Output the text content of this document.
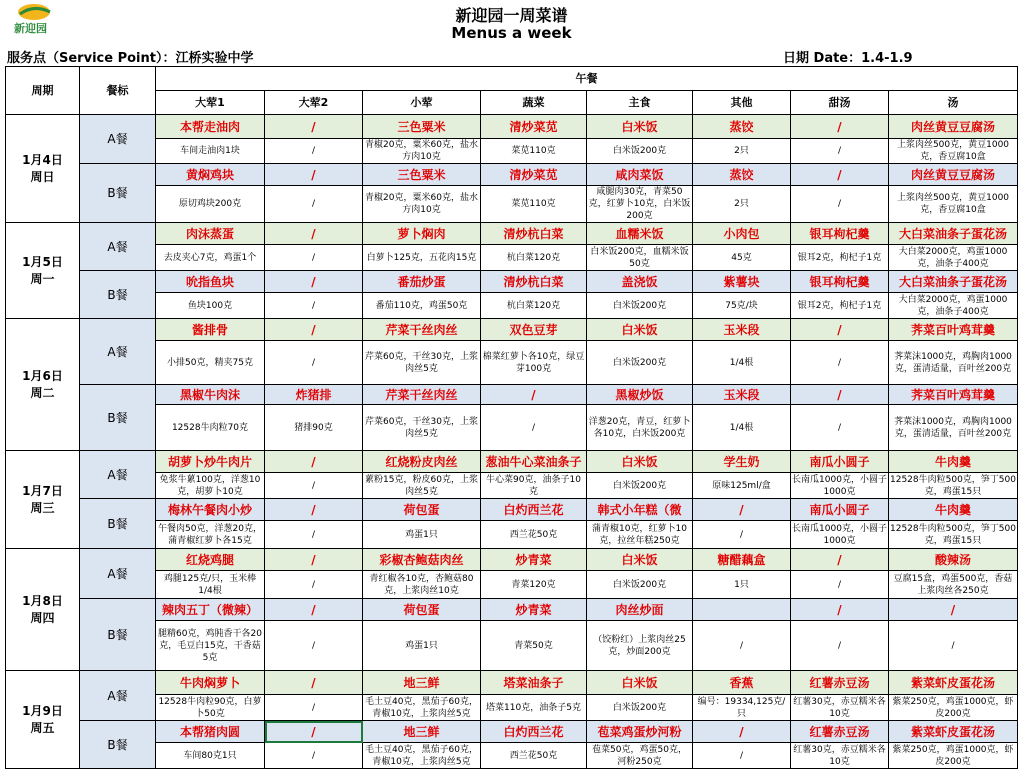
新迎园
新迎园一周菜谱
Menus a week
服务点（Service Point）：江桥实验中学	日期 Date：1.4-1.9
周期	餐标	午餐							
		大荤1	大荤2	小荤	蔬菜	主食	其他	甜汤	汤

1月4日
周日	A餐	本帮走油肉	/	三色粟米	清炒菜苋	白米饭	蒸饺	/	肉丝黄豆豆腐汤
		车间走油肉1块	/	青椒20克，粟米60克，盐水方肉10克	菜苋110克	白米饭200克	2只	/	上浆肉丝500克，黄豆1000克，香豆腐10盒
	B餐	黄焖鸡块	/	三色粟米	清炒菜苋	咸肉菜饭	蒸饺	/	肉丝黄豆豆腐汤
		原切鸡块200克	/	青椒20克，粟米60克，盐水方肉10克	菜苋110克	咸腿肉30克，青菜50克，红萝卜10克，白米饭200克	2只	/	上浆肉丝500克，黄豆1000克，香豆腐10盒

1月5日
周一	A餐	肉沫蒸蛋	/	萝卜焖肉	清炒杭白菜	血糯米饭	小肉包	银耳枸杞羹	大白菜油条子蛋花汤
		去皮夹心7克，鸡蛋1个	/	白萝卜125克，五花肉15克	杭白菜120克	白米饭200克，血糯米饭50克	45克	银耳2克，枸杞子1克	大白菜2000克，鸡蛋1000克，油条子400克
	B餐	吮指鱼块	/	番茄炒蛋	清炒杭白菜	盖浇饭	紫薯块	银耳枸杞羹	大白菜油条子蛋花汤
		鱼块100克	/	番茄110克，鸡蛋50克	杭白菜120克	白米饭200克	75克/块	银耳2克，枸杞子1克	大白菜2000克，鸡蛋1000克，油条子400克

1月6日
周二	A餐	酱排骨	/	芹菜干丝肉丝	双色豆芽	白米饭	玉米段	/	荠菜百叶鸡茸羹
		小排50克，精夹75克	/	芹菜60克，干丝30克，上浆肉丝5克	棉菜红萝卜各10克，绿豆芽100克	白米饭200克	1/4根	/	荠菜沫1000克，鸡胸肉1000克，蛋清适量，百叶丝200克
	B餐	黑椒牛肉沫	炸猪排	芹菜干丝肉丝	/	黑椒炒饭	玉米段	/	荠菜百叶鸡茸羹
		12528牛肉粒70克	猪排90克	芹菜60克，干丝30克，上浆肉丝5克	/	洋葱20克，青豆，红萝卜各10克，白米饭200克	1/4根	/	荠菜沫1000克，鸡胸肉1000克，蛋清适量，百叶丝200克

1月7日
周三	A餐	胡萝卜炒牛肉片	/	红烧粉皮肉丝	葱油牛心菜油条子	白米饭	学生奶	南瓜小圆子	牛肉羹
		免浆牛蔂100克，洋葱10克，胡萝卜10克	/	蔂粉15克，粉皮60克，上浆肉丝5克	牛心菜90克，油条子10克	白米饭200克	原味125ml/盒	长南瓜1000克，小圆子1000克	12528牛肉粒500克，笋丁500克，鸡蛋15只
	B餐	梅林午餐肉小炒	/	荷包蛋	白灼西兰花	韩式小年糕（微	/	南瓜小圆子	牛肉羹
		午餐肉50克，洋葱20克，蒲青椒红萝卜各15克	/	鸡蛋1只	西兰花50克	蒲青椒10克，红萝卜10克，拉丝年糕250克	/	长南瓜1000克，小圆子1000克	12528牛肉粒500克，笋丁500克，鸡蛋15只

1月8日
周四	A餐	红烧鸡腿	/	彩椒杏鲍菇肉丝	炒青菜	白米饭	糖醋藕盒	/	酸辣汤
		鸡腿125克/只，玉米棒1/4根	/	青红椒各10克，杏鲍菇80克，上浆肉丝10克	青菜120克	白米饭200克	1只	/	豆腐15盒，鸡蛋500克，香菇上浆肉丝各250克
	B餐	辣肉五丁（微辣）	/	荷包蛋	炒青菜	肉丝炒面		/	/
		腿精60克，鸡肫香干各20克，毛豆白15克，干香菇5克	/	鸡蛋1只	青菜50克	（饺粉红）上浆肉丝25克，炒面200克	/	/	/

1月9日
周五	A餐	牛肉焖萝卜	/	地三鲜	塔菜油条子	白米饭	香蕉	红薯赤豆汤	紫菜虾皮蛋花汤
		12528牛肉粒90克，白萝卜50克	/	毛土豆40克，黑茄子60克，青椒10克，上浆肉丝5克	塔菜110克，油条子5克	白米饭200克	编号：19334,125克/只	红薯30克，赤豆糯米各10克	紫菜250克，鸡蛋1000克，虾皮200克
	B餐	本帮猪肉圆	/	地三鲜	白灼西兰花	苞菜鸡蛋炒河粉	/	红薯赤豆汤	紫菜虾皮蛋花汤
		车间80克1只	/	毛土豆40克，黑茄子60克，青椒10克，上浆肉丝5克	西兰花50克	苞菜50克，鸡蛋50克，河粉250克	/	红薯30克，赤豆糯米各10克	紫菜250克，鸡蛋1000克，虾皮200克
